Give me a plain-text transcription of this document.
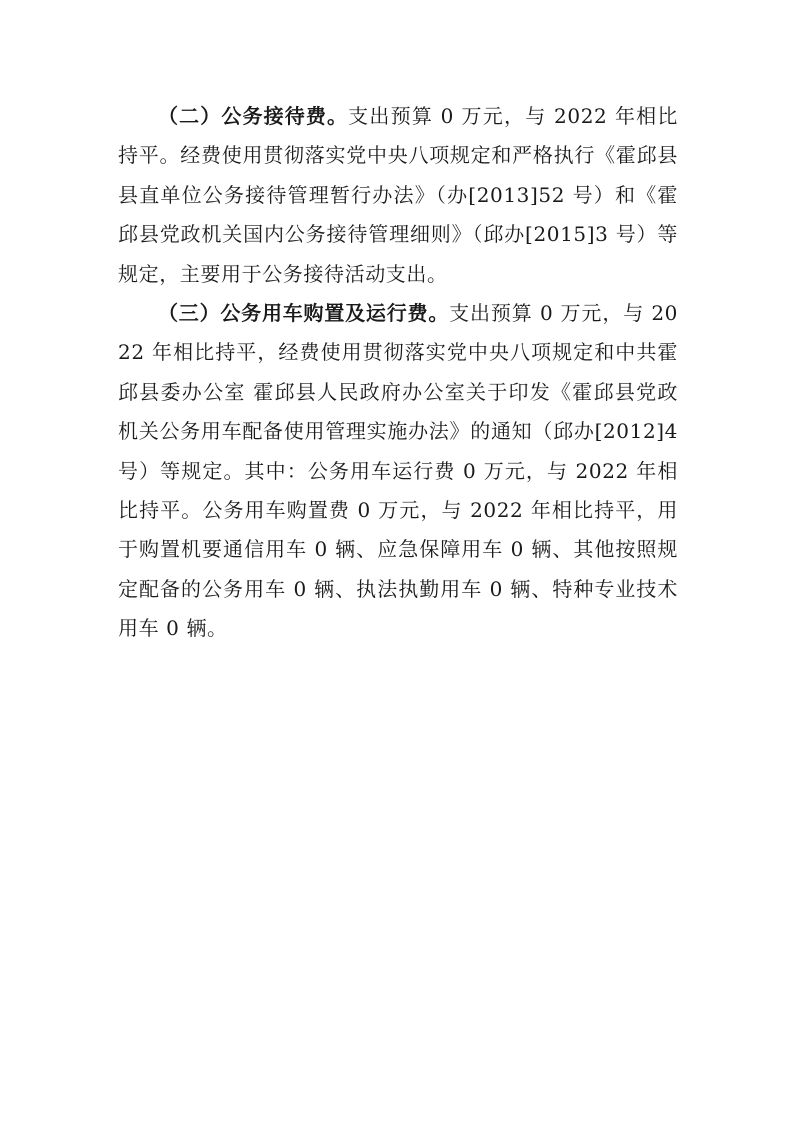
（二）公务接待费。支出预算 0 万元，与 2022 年相比持平。经费使用贯彻落实党中央八项规定和严格执行《霍邱县县直单位公务接待管理暂行办法》（办[2013]52 号）和《霍邱县党政机关国内公务接待管理细则》（邱办[2015]3 号）等规定，主要用于公务接待活动支出。

（三）公务用车购置及运行费。支出预算 0 万元，与 2022 年相比持平，经费使用贯彻落实党中央八项规定和中共霍邱县委办公室 霍邱县人民政府办公室关于印发《霍邱县党政机关公务用车配备使用管理实施办法》的通知（邱办[2012]4 号）等规定。其中：公务用车运行费 0 万元，与 2022 年相比持平。公务用车购置费 0 万元，与 2022 年相比持平，用于购置机要通信用车 0 辆、应急保障用车 0 辆、其他按照规定配备的公务用车 0 辆、执法执勤用车 0 辆、特种专业技术用车 0 辆。
